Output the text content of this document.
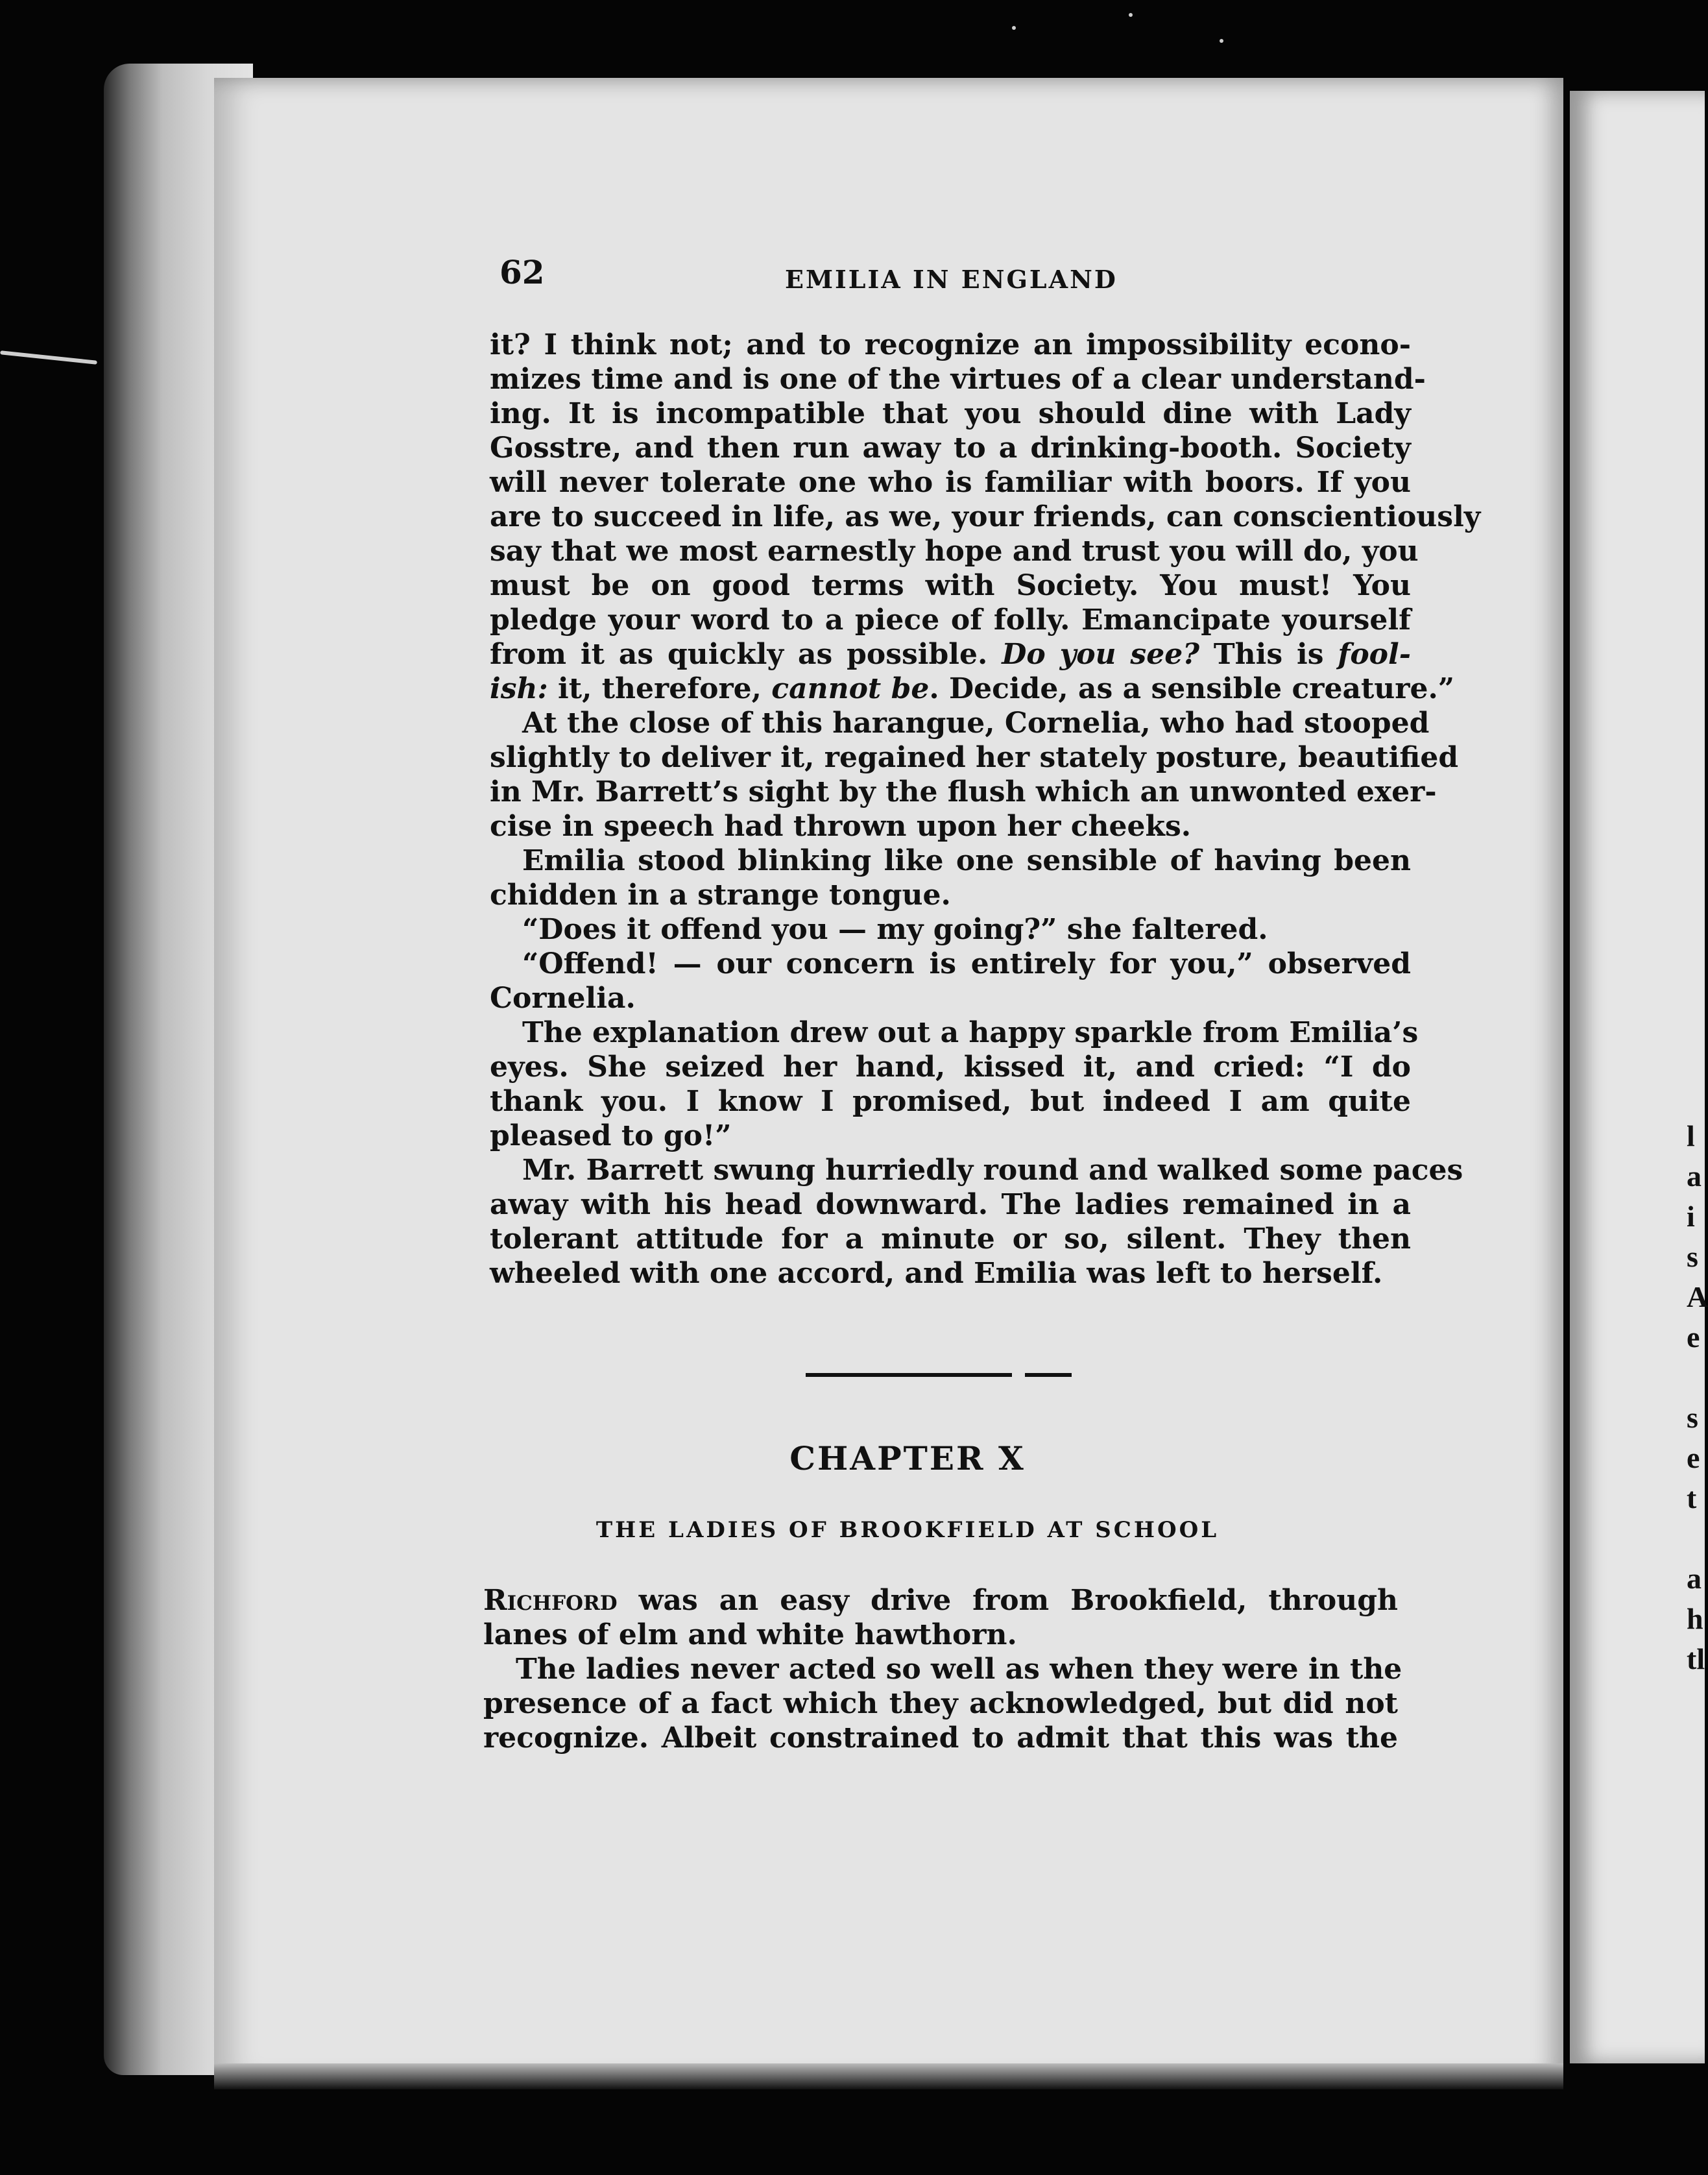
l
a
i
s
A
e
s
e
t
a
h
tl
62	EMILIA IN ENGLAND
it? I think not; and to recognize an impossibility econo-
mizes time and is one of the virtues of a clear understand-
ing. It is incompatible that you should dine with Lady
Gosstre, and then run away to a drinking-booth. Society
will never tolerate one who is familiar with boors. If you
are to succeed in life, as we, your friends, can conscientiously
say that we most earnestly hope and trust you will do, you
must be on good terms with Society. You must! You
pledge your word to a piece of folly. Emancipate yourself
from it as quickly as possible. Do you see? This is fool-
ish: it, therefore, cannot be. Decide, as a sensible creature.”
At the close of this harangue, Cornelia, who had stooped
slightly to deliver it, regained her stately posture, beautified
in Mr. Barrett’s sight by the flush which an unwonted exer-
cise in speech had thrown upon her cheeks.
Emilia stood blinking like one sensible of having been
chidden in a strange tongue.
“Does it offend you — my going?” she faltered.
“Offend! — our concern is entirely for you,” observed
Cornelia.
The explanation drew out a happy sparkle from Emilia’s
eyes. She seized her hand, kissed it, and cried: “I do
thank you. I know I promised, but indeed I am quite
pleased to go!”
Mr. Barrett swung hurriedly round and walked some paces
away with his head downward. The ladies remained in a
tolerant attitude for a minute or so, silent. They then
wheeled with one accord, and Emilia was left to herself.
CHAPTER X
THE LADIES OF BROOKFIELD AT SCHOOL
Richford was an easy drive from Brookfield, through
lanes of elm and white hawthorn.
The ladies never acted so well as when they were in the
presence of a fact which they acknowledged, but did not
recognize. Albeit constrained to admit that this was the
